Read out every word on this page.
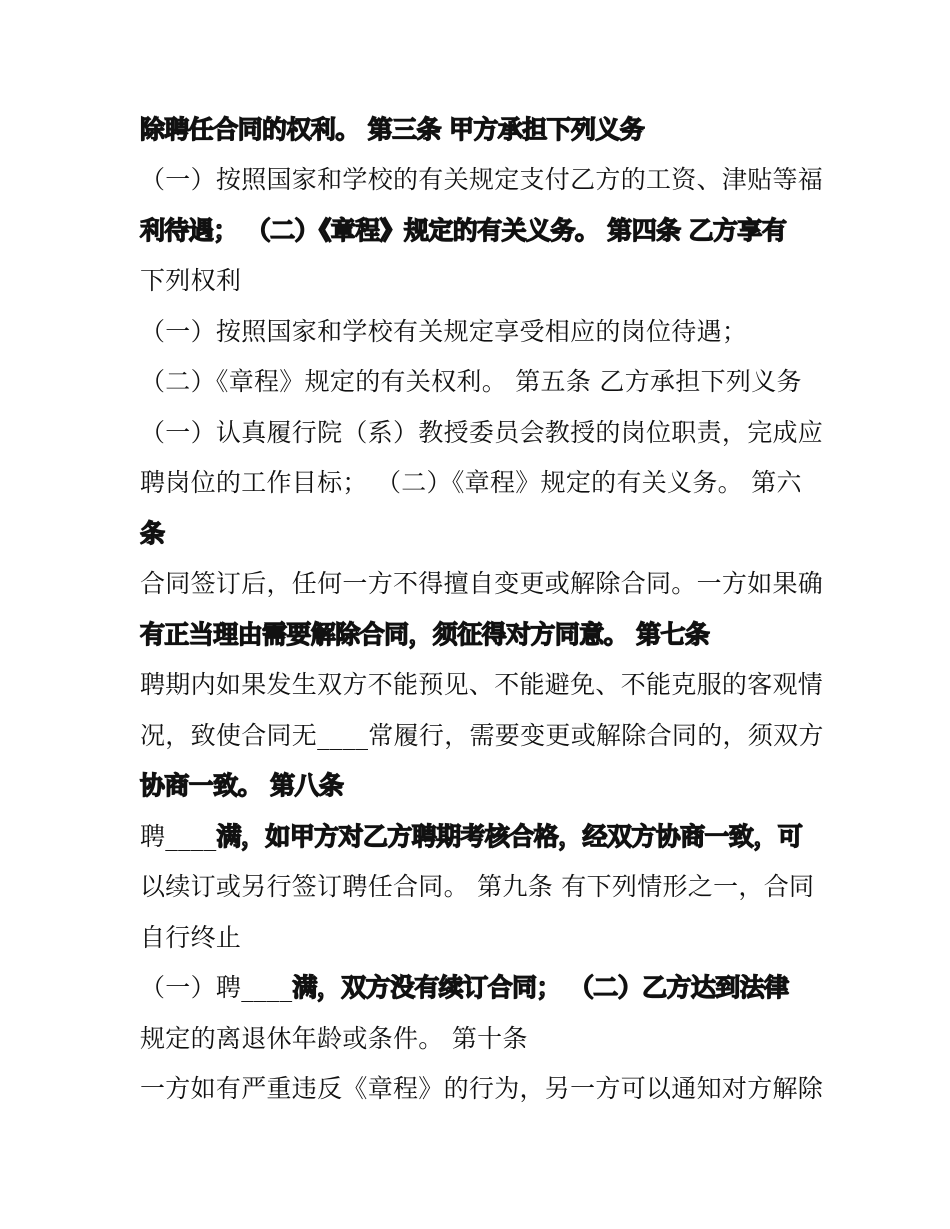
除聘任合同的权利。 第三条 甲方承担下列义务
（一）按照国家和学校的有关规定支付乙方的工资、津贴等福
利待遇； （二）《章程》规定的有关义务。 第四条 乙方享有
下列权利
（一）按照国家和学校有关规定享受相应的岗位待遇；
（二）《章程》规定的有关权利。 第五条 乙方承担下列义务
（一）认真履行院（系）教授委员会教授的岗位职责，完成应
聘岗位的工作目标； （二）《章程》规定的有关义务。 第六
条
合同签订后，任何一方不得擅自变更或解除合同。一方如果确
有正当理由需要解除合同，须征得对方同意。 第七条
聘期内如果发生双方不能预见、不能避免、不能克服的客观情
况，致使合同无____常履行，需要变更或解除合同的，须双方
协商一致。 第八条
聘____满，如甲方对乙方聘期考核合格，经双方协商一致，可
以续订或另行签订聘任合同。 第九条 有下列情形之一，合同
自行终止
（一）聘____满，双方没有续订合同； （二）乙方达到法律
规定的离退休年龄或条件。 第十条
一方如有严重违反《章程》的行为，另一方可以通知对方解除
